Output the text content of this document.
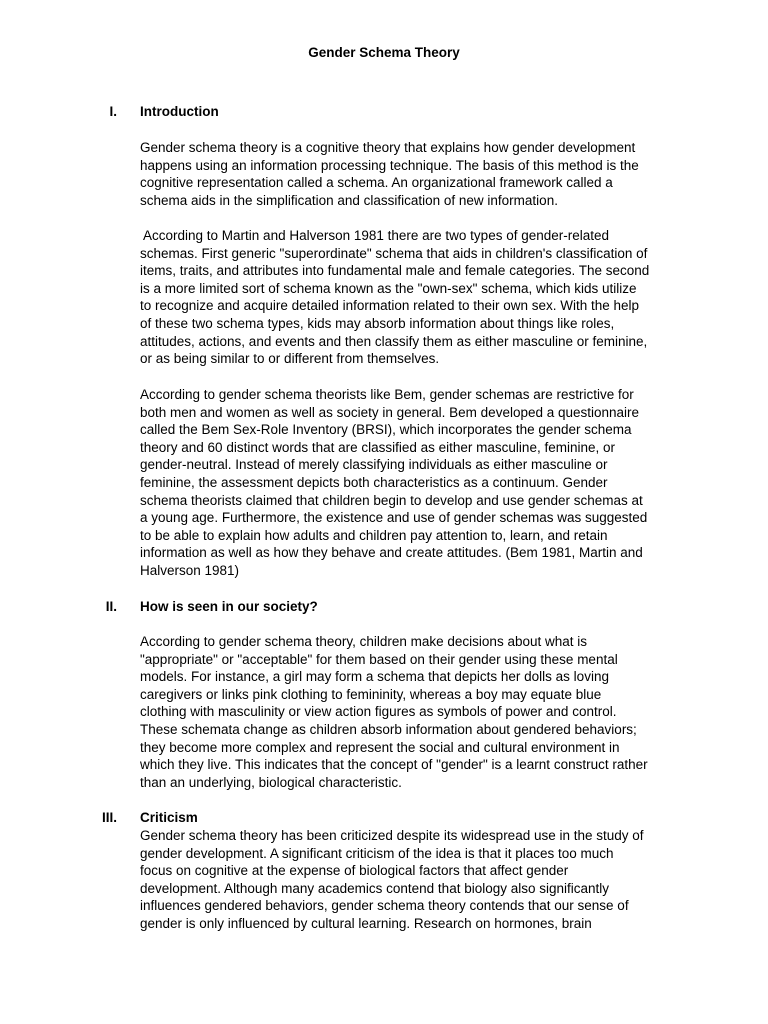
Gender Schema Theory
I. Introduction
Gender schema theory is a cognitive theory that explains how gender development
happens using an information processing technique. The basis of this method is the
cognitive representation called a schema. An organizational framework called a
schema aids in the simplification and classification of new information.
According to Martin and Halverson 1981 there are two types of gender-related
schemas. First generic "superordinate" schema that aids in children's classification of
items, traits, and attributes into fundamental male and female categories. The second
is a more limited sort of schema known as the "own-sex" schema, which kids utilize
to recognize and acquire detailed information related to their own sex. With the help
of these two schema types, kids may absorb information about things like roles,
attitudes, actions, and events and then classify them as either masculine or feminine,
or as being similar to or different from themselves.
According to gender schema theorists like Bem, gender schemas are restrictive for
both men and women as well as society in general. Bem developed a questionnaire
called the Bem Sex-Role Inventory (BRSI), which incorporates the gender schema
theory and 60 distinct words that are classified as either masculine, feminine, or
gender-neutral. Instead of merely classifying individuals as either masculine or
feminine, the assessment depicts both characteristics as a continuum. Gender
schema theorists claimed that children begin to develop and use gender schemas at
a young age. Furthermore, the existence and use of gender schemas was suggested
to be able to explain how adults and children pay attention to, learn, and retain
information as well as how they behave and create attitudes. (Bem 1981, Martin and
Halverson 1981)
II. How is seen in our society?
According to gender schema theory, children make decisions about what is
"appropriate" or "acceptable" for them based on their gender using these mental
models. For instance, a girl may form a schema that depicts her dolls as loving
caregivers or links pink clothing to femininity, whereas a boy may equate blue
clothing with masculinity or view action figures as symbols of power and control.
These schemata change as children absorb information about gendered behaviors;
they become more complex and represent the social and cultural environment in
which they live. This indicates that the concept of "gender" is a learnt construct rather
than an underlying, biological characteristic.
III. Criticism
Gender schema theory has been criticized despite its widespread use in the study of
gender development. A significant criticism of the idea is that it places too much
focus on cognitive at the expense of biological factors that affect gender
development. Although many academics contend that biology also significantly
influences gendered behaviors, gender schema theory contends that our sense of
gender is only influenced by cultural learning. Research on hormones, brain
